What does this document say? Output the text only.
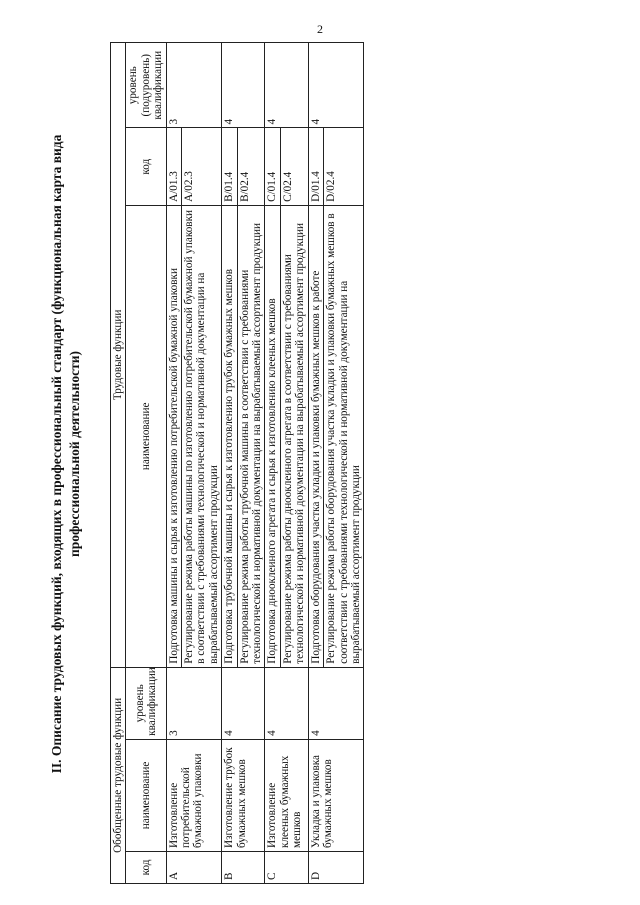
2
II. Описание трудовых функций, входящих в профессиональный стандарт (функциональная карта вида профессиональной деятельности)
Обобщенные трудовые функции			Трудовые функции		
код	наименование	уровень квалификации	наименование	код	уровень (подуровень) квалификации
A	Изготовление потребительской бумажной упаковки	3	Подготовка машины и сырья к изготовлению потребительской бумажной упаковки	A/01.3	3
			Регулирование режима работы машины по изготовлению потребительской бумажной упаковки в соответствии с требованиями технологической и нормативной документации на вырабатываемый ассортимент продукции	A/02.3	
B	Изготовление трубок бумажных мешков	4	Подготовка трубочной машины и сырья к изготовлению трубок бумажных мешков	B/01.4	4
			Регулирование режима работы трубочной машины в соответствии с требованиями технологической и нормативной документации на вырабатываемый ассортимент продукции	B/02.4	
C	Изготовление клееных бумажных мешков	4	Подготовка днооклеиного агрегата и сырья к изготовлению клееных мешков	C/01.4	4
			Регулирование режима работы днооклеиного агрегата в соответствии с требованиями технологической и нормативной документации на вырабатываемый ассортимент продукции	C/02.4	
D	Укладка и упаковка бумажных мешков	4	Подготовка оборудования участка укладки и упаковки бумажных мешков к работе	D/01.4	4
			Регулирование режима работы оборудования участка укладки и упаковки бумажных мешков в соответствии с требованиями технологической и нормативной документации на вырабатываемый ассортимент продукции	D/02.4	
